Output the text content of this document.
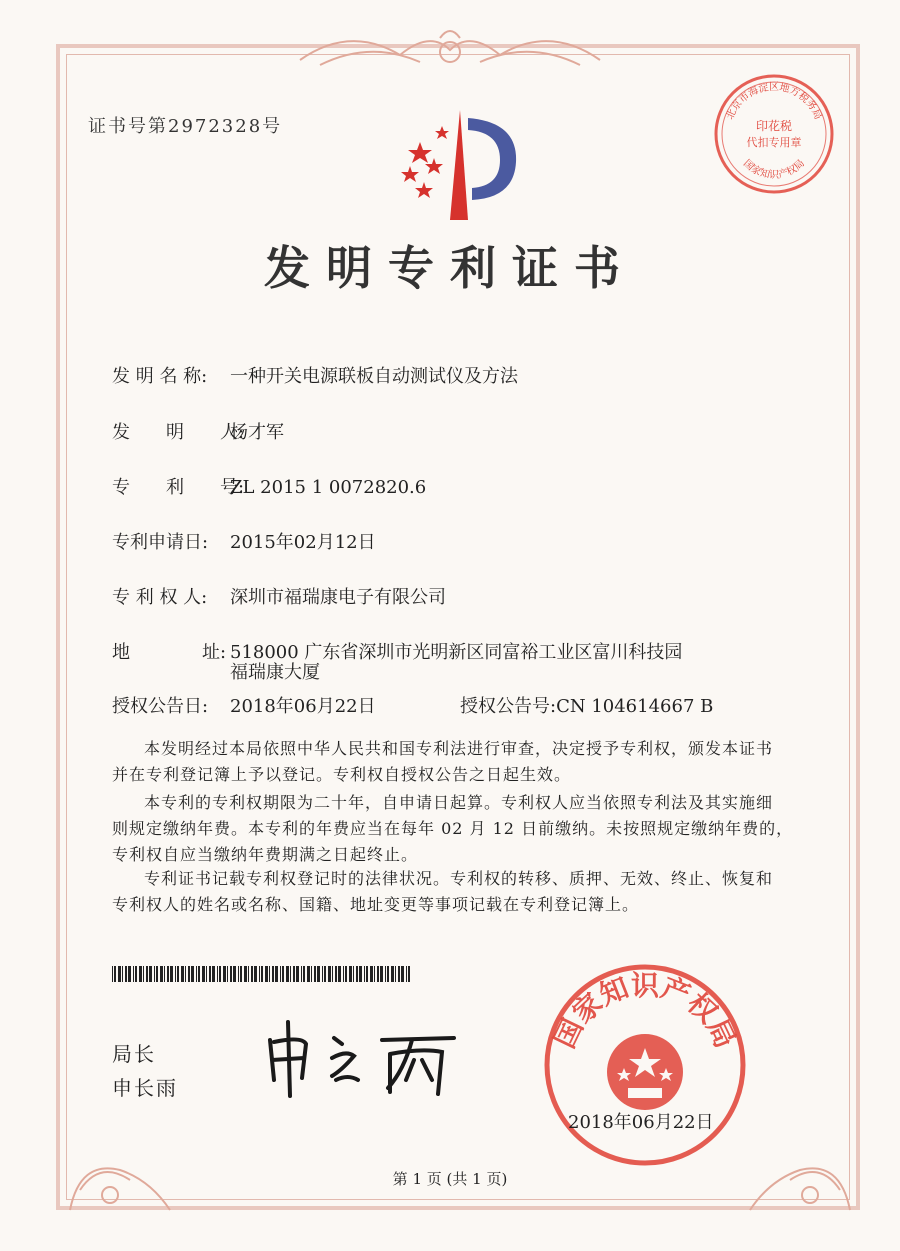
证书号第2972328号
北京市海淀区地方税务局
印花税
代扣专用章
国家知识产权局
发明专利证书
发 明 名 称: 一种开关电源联板自动测试仪及方法
发　　明　　人:杨才军
专　　利　　号:ZL 2015 1 0072820.6
专利申请日: 2015年02月12日
专 利 权 人: 深圳市福瑞康电子有限公司
地　　　　址: 518000 广东省深圳市光明新区同富裕工业区富川科技园
福瑞康大厦
授权公告日: 2018年06月22日	授权公告号:CN 104614667 B
本发明经过本局依照中华人民共和国专利法进行审查，决定授予专利权，颁发本证书
并在专利登记簿上予以登记。专利权自授权公告之日起生效。
本专利的专利权期限为二十年，自申请日起算。专利权人应当依照专利法及其实施细
则规定缴纳年费。本专利的年费应当在每年 02 月 12 日前缴纳。未按照规定缴纳年费的，
专利权自应当缴纳年费期满之日起终止。
专利证书记载专利权登记时的法律状况。专利权的转移、质押、无效、终止、恢复和
专利权人的姓名或名称、国籍、地址变更等事项记载在专利登记簿上。
局长
申长雨
国家知识产权局
2018年06月22日
第 1 页 (共 1 页)
